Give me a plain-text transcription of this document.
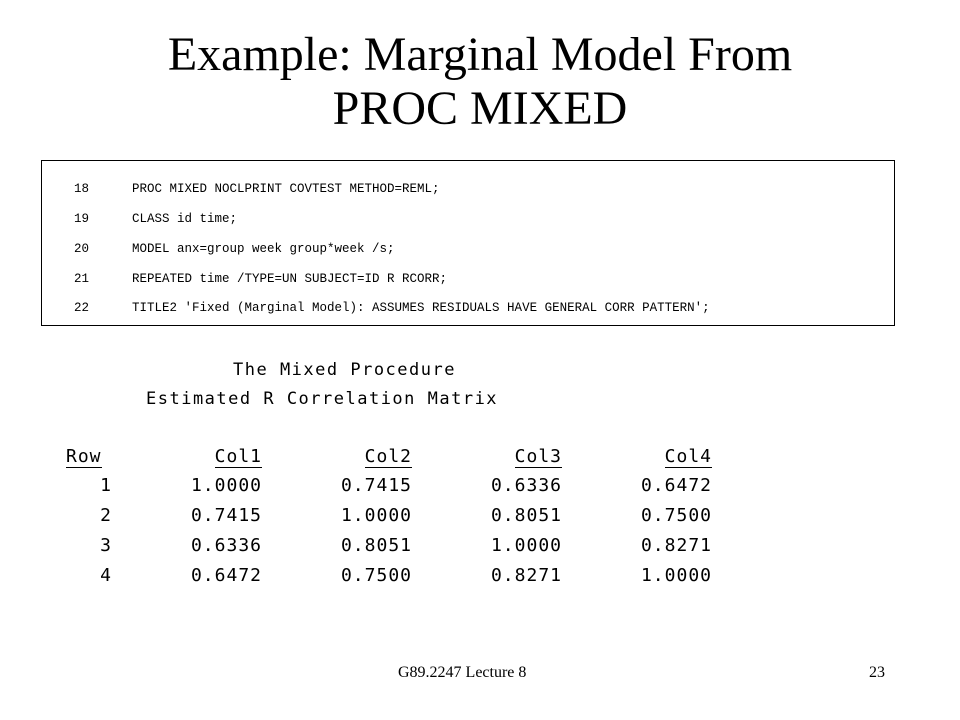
Example: Marginal Model From
PROC MIXED
18	PROC MIXED NOCLPRINT COVTEST METHOD=REML;
19	CLASS id time;
20	MODEL anx=group week group*week /s;
21	REPEATED time /TYPE=UN SUBJECT=ID R RCORR;
22	TITLE2 'Fixed (Marginal Model): ASSUMES RESIDUALS HAVE GENERAL CORR PATTERN';
The Mixed Procedure
Estimated R Correlation Matrix
Row	Col1	Col2	Col3	Col4
1	1.0000	0.7415	0.6336	0.6472
2	0.7415	1.0000	0.8051	0.7500
3	0.6336	0.8051	1.0000	0.8271
4	0.6472	0.7500	0.8271	1.0000
G89.2247 Lecture 8	23
